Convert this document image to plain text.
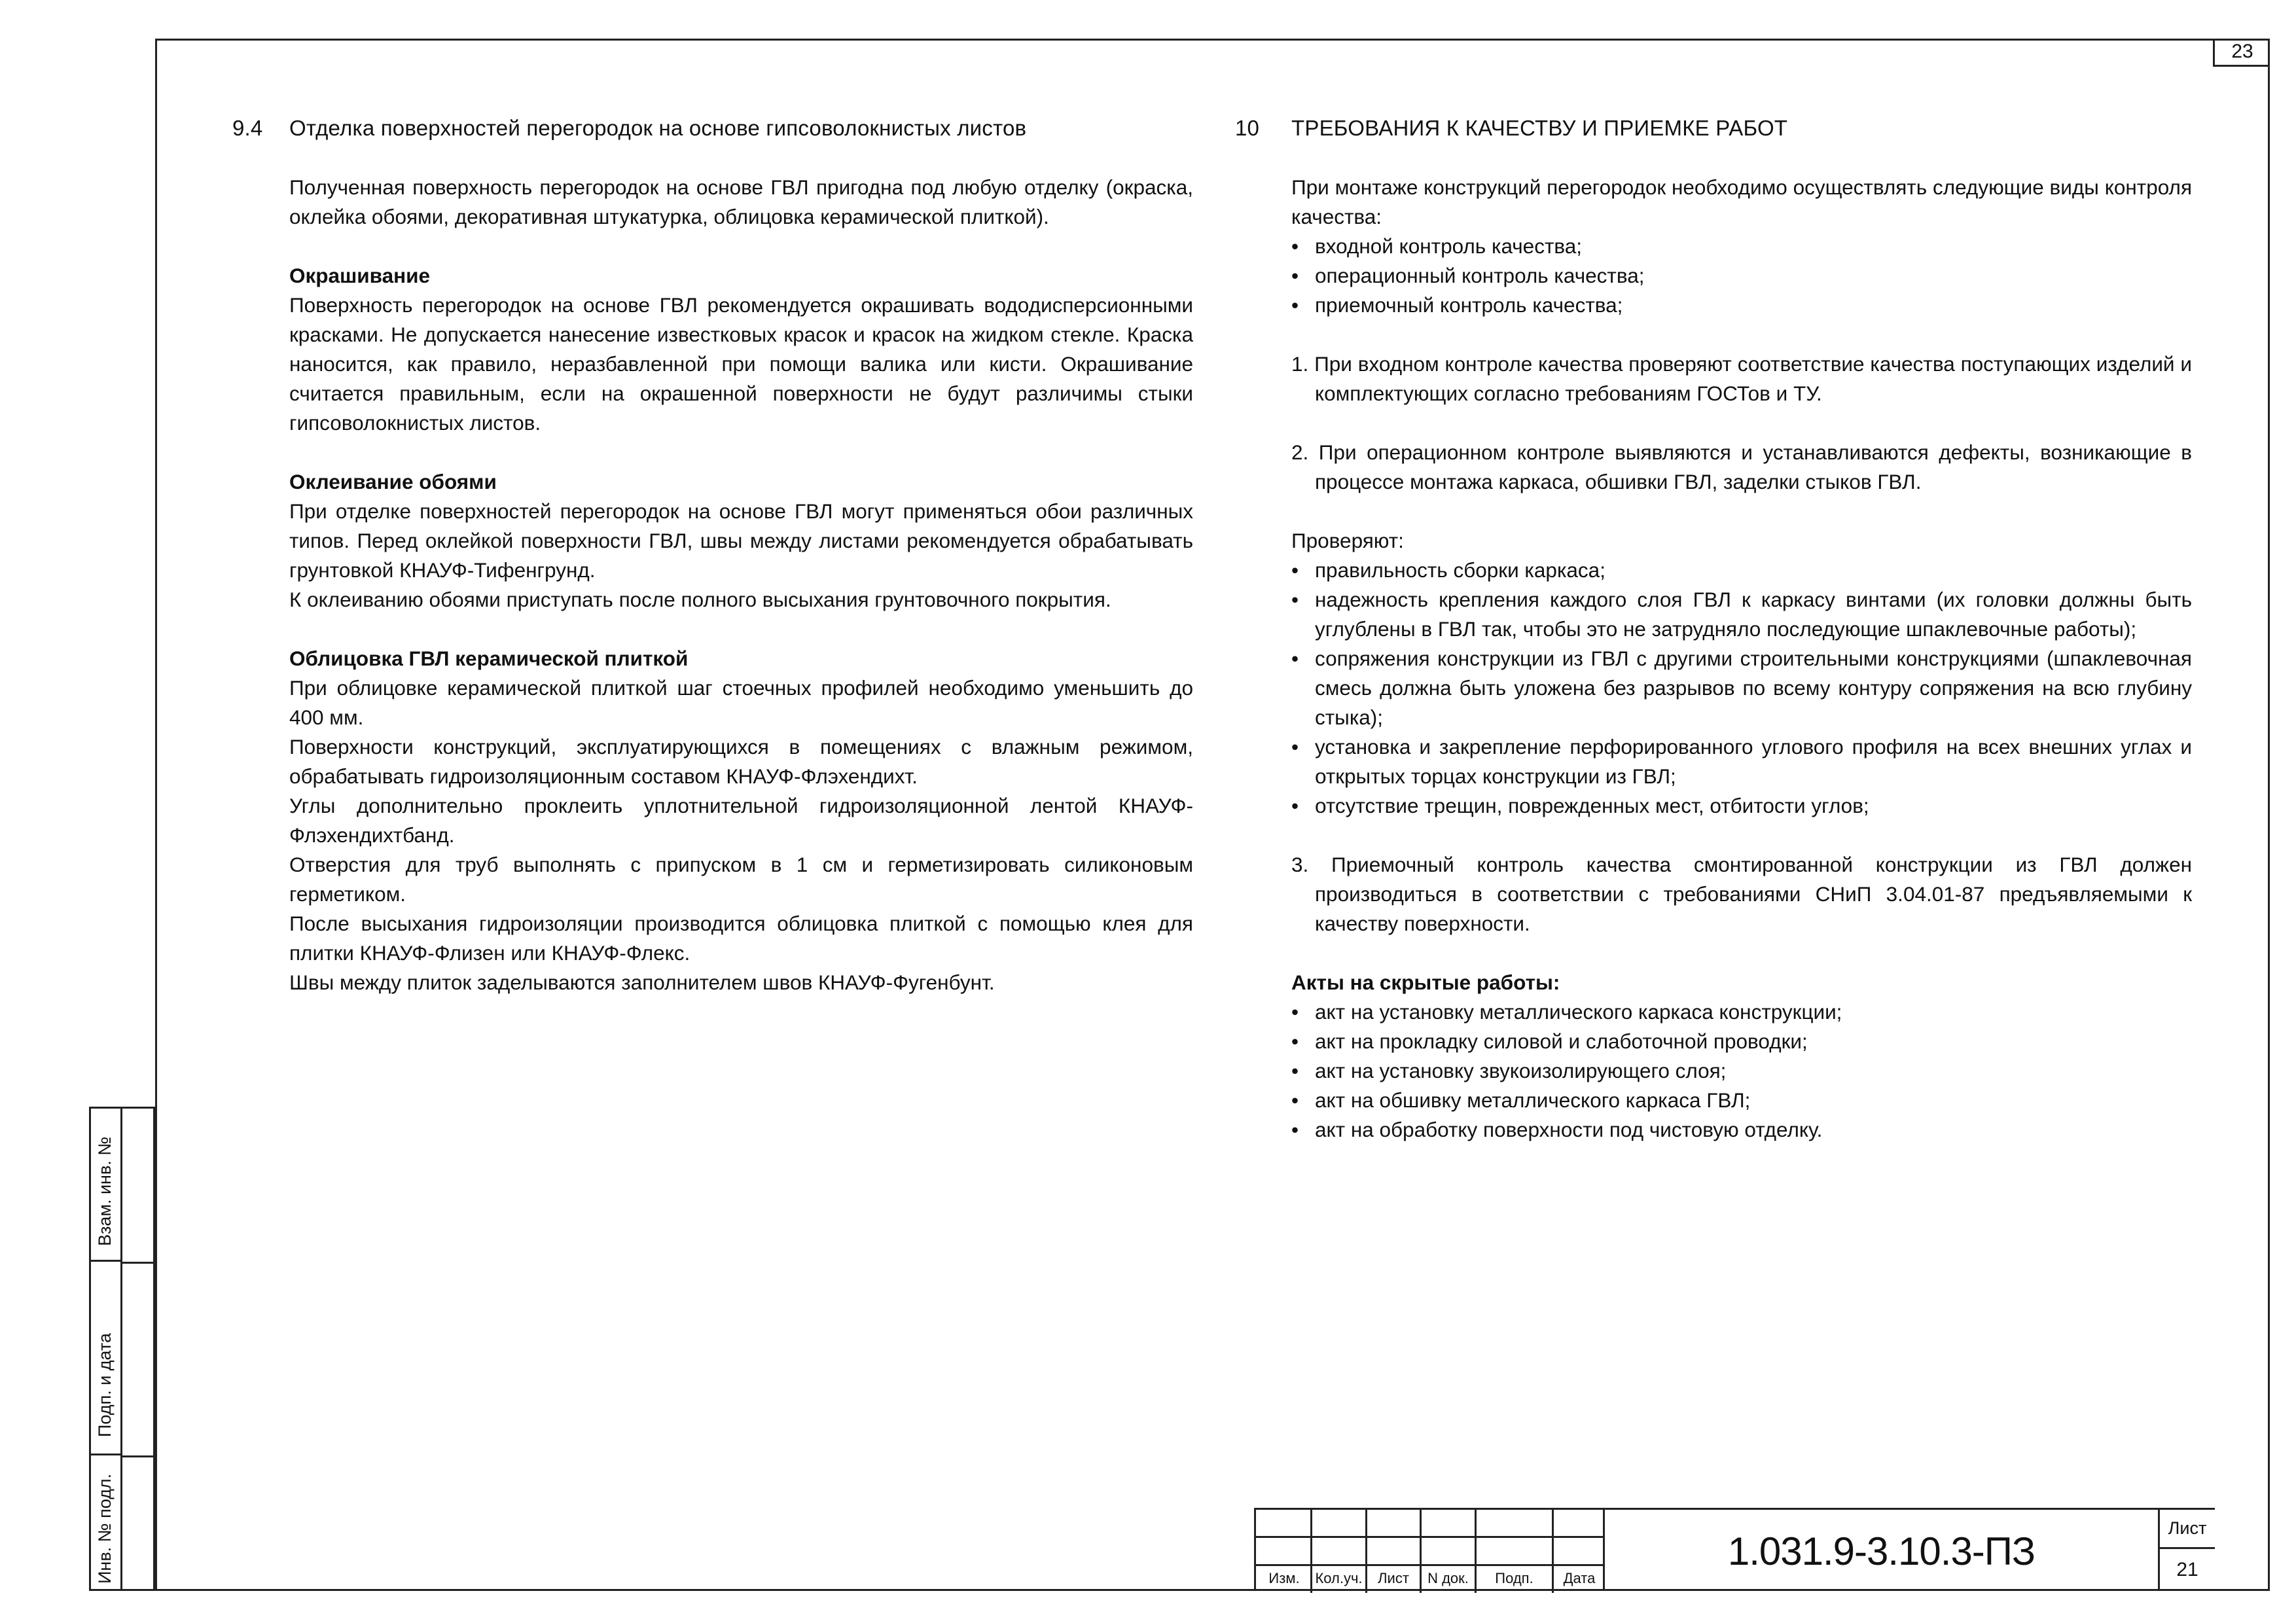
23
9.4	Отделка поверхностей перегородок на основе гипсоволокнистых листов

Полученная поверхность перегородок на основе ГВЛ пригодна под любую отделку (окраска, оклейка обоями, декоративная штукатурка, облицовка керамической плиткой).

Окрашивание

Поверхность перегородок на основе ГВЛ рекомендуется окрашивать вододисперсионными красками. Не допускается нанесение известковых красок и красок на жидком стекле. Краска наносится, как правило, неразбавленной при помощи валика или кисти. Окрашивание считается правильным, если на окрашенной поверхности не будут различимы стыки гипсоволокнистых листов.

Оклеивание обоями

При отделке поверхностей перегородок на основе ГВЛ могут применяться обои различных типов. Перед оклейкой поверхности ГВЛ, швы между листами рекомендуется обрабатывать грунтовкой КНАУФ-Тифенгрунд.

К оклеиванию обоями приступать после полного высыхания грунтовочного покрытия.

Облицовка ГВЛ керамической плиткой

При облицовке керамической плиткой шаг стоечных профилей необходимо уменьшить до 400 мм.

Поверхности конструкций, эксплуатирующихся в помещениях с влажным режимом, обрабатывать гидроизоляционным составом КНАУФ-Флэхендихт.

Углы дополнительно проклеить уплотнительной гидроизоляционной лентой КНАУФ-Флэхендихтбанд.

Отверстия для труб выполнять с припуском в 1 см и герметизировать силиконовым герметиком.

После высыхания гидроизоляции производится облицовка плиткой с помощью клея для плитки КНАУФ-Флизен или КНАУФ-Флекс.

Швы между плиток заделываются заполнителем швов КНАУФ-Фугенбунт.

10	ТРЕБОВАНИЯ К КАЧЕСТВУ И ПРИЕМКЕ РАБОТ

При монтаже конструкций перегородок необходимо осуществлять следующие виды контроля качества:

• входной контроль качества;
• операционный контроль качества;
• приемочный контроль качества;

1. При входном контроле качества проверяют соответствие качества поступающих изделий и комплектующих согласно требованиям ГОСТов и ТУ.

2. При операционном контроле выявляются и устанавливаются дефекты, возникающие в процессе монтажа каркаса, обшивки ГВЛ, заделки стыков ГВЛ.

Проверяют:
• правильность сборки каркаса;
• надежность крепления каждого слоя ГВЛ к каркасу винтами (их головки должны быть углублены в ГВЛ так, чтобы это не затрудняло последующие шпаклевочные работы);
• сопряжения конструкции из ГВЛ с другими строительными конструкциями (шпаклевочная смесь должна быть уложена без разрывов по всему контуру сопряжения на всю глубину стыка);
• установка и закрепление перфорированного углового профиля на всех внешних углах и открытых торцах конструкции из ГВЛ;
• отсутствие трещин, поврежденных мест, отбитости углов;

3. Приемочный контроль качества смонтированной конструкции из ГВЛ должен производиться в соответствии с требованиями СНиП 3.04.01-87 предъявляемыми к качеству поверхности.

Акты на скрытые работы:
• акт на установку металлического каркаса конструкции;
• акт на прокладку силовой и слаботочной проводки;
• акт на установку звукоизолирующего слоя;
• акт на обшивку металлического каркаса ГВЛ;
• акт на обработку поверхности под чистовую отделку.
Взам. инв. №
Подп. и дата
Инв. № подл.	Изм.	Кол.уч.	Лист	N док.	Подп.	Дата
1.031.9-3.10.3-ПЗ
Лист
21
